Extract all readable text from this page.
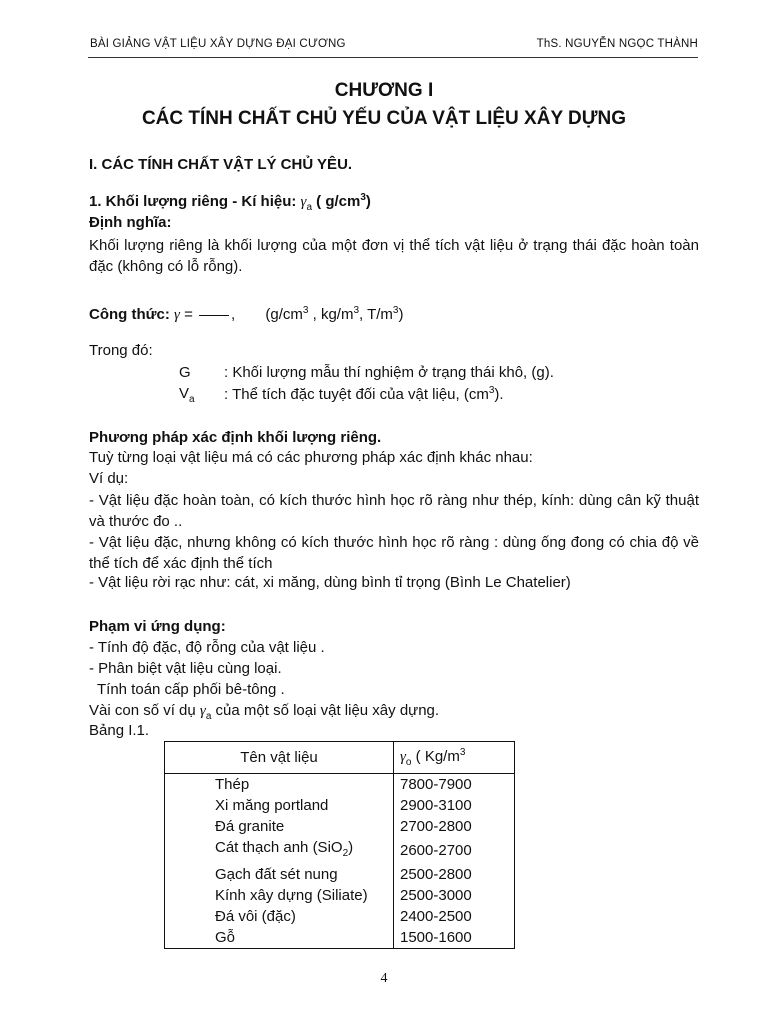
BÀI GIẢNG VẬT LIỆU XÂY DỰNG ĐẠI CƯƠNG	ThS. NGUYỄN NGỌC THÀNH
CHƯƠNG I
CÁC TÍNH CHẤT CHỦ YẾU CỦA VẬT LIỆU XÂY DỰNG
I. CÁC TÍNH CHẤT VẬT LÝ CHỦ YÊU.
1. Khối lượng riêng - Kí hiệu: $\gamma_a$ ( $g/cm^3$)
Định nghĩa:
Khối lượng riêng là khối lượng của một đơn vị thể tích vật liệu ở trạng thái đặc hoàn toàn đặc (không có lỗ rỗng).
Công thức: γ =
, ($g/cm^3$ , $kg/m^3$, $T/m^3$)
Trong đó:
G : Khối lượng mẫu thí nghiệm ở trạng thái khô, (g).
$V_a$ : Thể tích đặc tuyệt đối của vật liệu, $(cm^3)$.
Phương pháp xác định khối lượng riêng.
Tuỳ từng loại vật liệu má có các phương pháp xác định khác nhau:
Ví dụ:
- Vật liệu đặc hoàn toàn, có kích thước hình học rõ ràng như thép, kính: dùng cân kỹ thuật và thước đo ..
- Vật liệu đặc, nhưng không có kích thước hình học rõ ràng : dùng ống đong có chia độ về thể tích để xác định thể tích
- Vật liệu rời rạc như: cát, xi măng, dùng bình tỉ trọng (Bình Le Chatelier)
Phạm vi ứng dụng:
- Tính độ đặc, độ rỗng của vật liệu .
- Phân biệt vật liệu cùng loại.
Tính toán cấp phối bê-tông .
Vài con số ví dụ $\gamma_a$ của một số loại vật liệu xây dựng.
Bảng I.1.
Tên vật liệu	$\gamma_o$ ( $Kg/m^3$
Thép	7800-7900
Xi măng portland	2900-3100
Đá granite	2700-2800
Cát thạch anh (SiO$_2$)	2600-2700
Gạch đất sét nung	2500-2800
Kính xây dựng (Siliate)	2500-3000
Đá vôi (đặc)	2400-2500
Gỗ	1500-1600
4
